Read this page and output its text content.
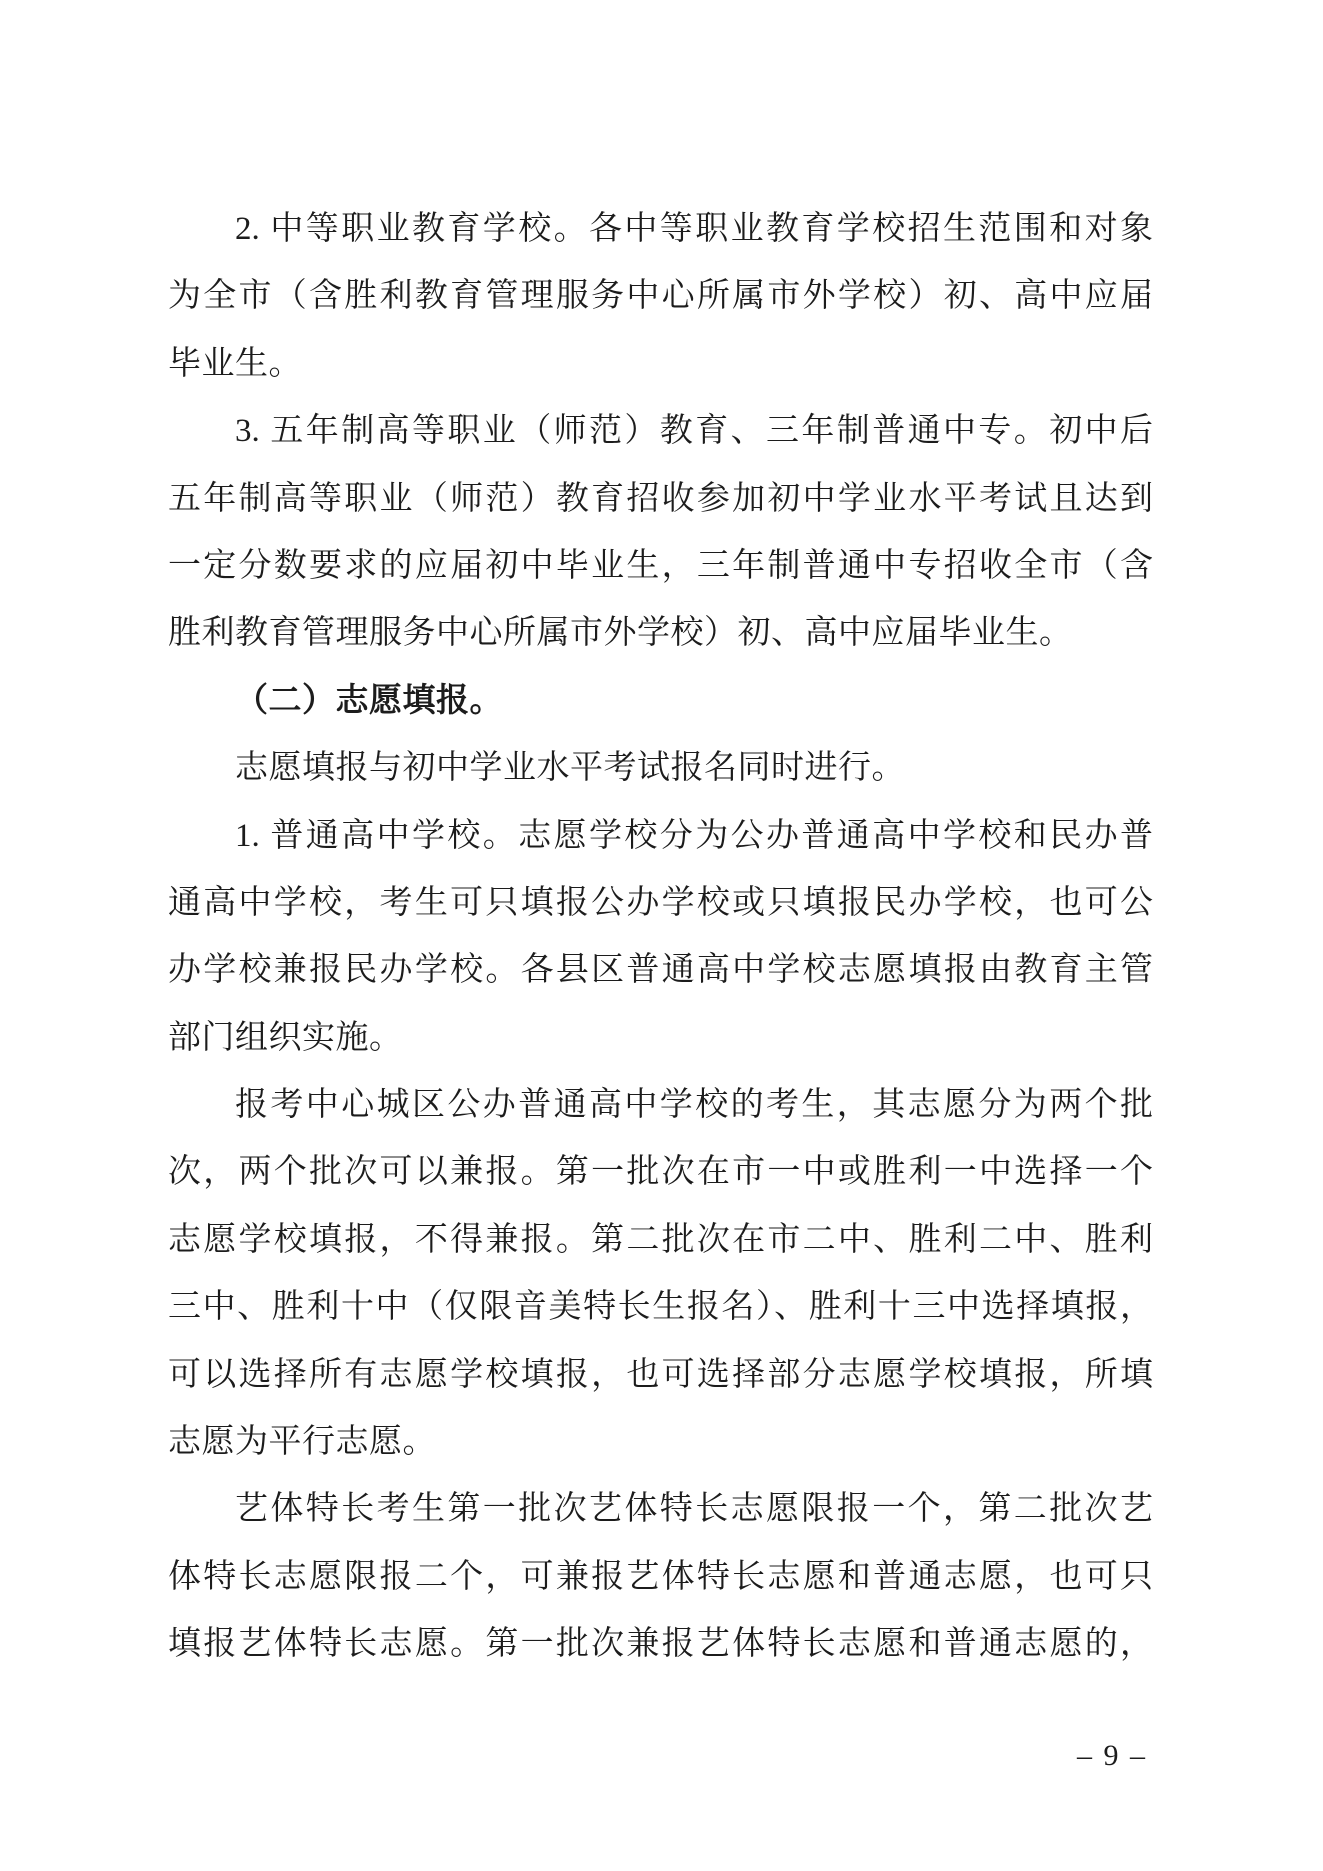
2. 中等职业教育学校。各中等职业教育学校招生范围和对象
为全市（含胜利教育管理服务中心所属市外学校）初、高中应届
毕业生。
3. 五年制高等职业（师范）教育、三年制普通中专。初中后
五年制高等职业（师范）教育招收参加初中学业水平考试且达到
一定分数要求的应届初中毕业生，三年制普通中专招收全市（含
胜利教育管理服务中心所属市外学校）初、高中应届毕业生。
（二）志愿填报。
志愿填报与初中学业水平考试报名同时进行。
1. 普通高中学校。志愿学校分为公办普通高中学校和民办普
通高中学校，考生可只填报公办学校或只填报民办学校，也可公
办学校兼报民办学校。各县区普通高中学校志愿填报由教育主管
部门组织实施。
报考中心城区公办普通高中学校的考生，其志愿分为两个批
次，两个批次可以兼报。第一批次在市一中或胜利一中选择一个
志愿学校填报，不得兼报。第二批次在市二中、胜利二中、胜利
三中、胜利十中（仅限音美特长生报名）、胜利十三中选择填报，
可以选择所有志愿学校填报，也可选择部分志愿学校填报，所填
志愿为平行志愿。
艺体特长考生第一批次艺体特长志愿限报一个，第二批次艺
体特长志愿限报二个，可兼报艺体特长志愿和普通志愿，也可只
填报艺体特长志愿。第一批次兼报艺体特长志愿和普通志愿的，
– 9 –
